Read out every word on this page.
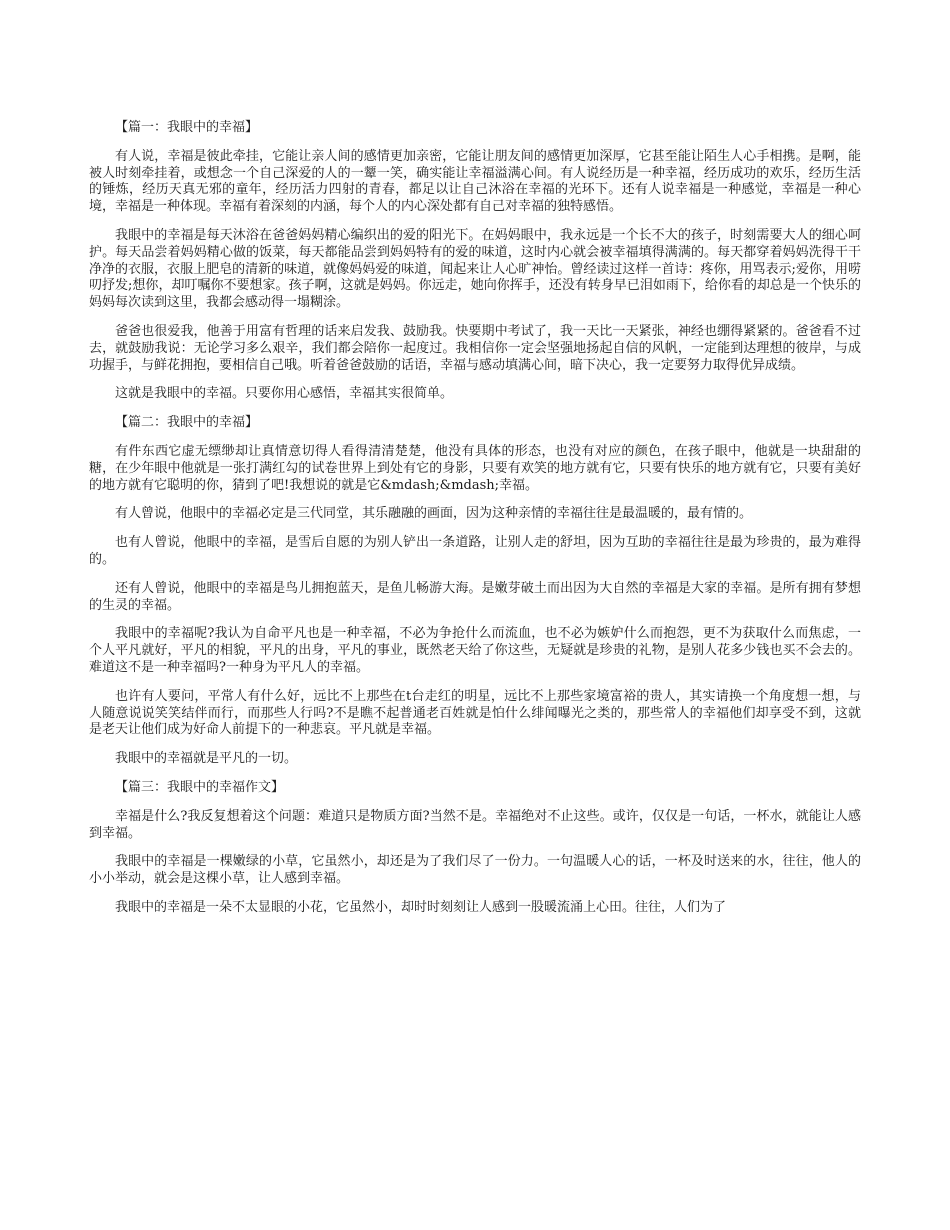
【篇一：我眼中的幸福】

有人说，幸福是彼此牵挂，它能让亲人间的感情更加亲密，它能让朋友间的感情更加深厚，它甚至能让陌生人心手相携。是啊，能被人时刻牵挂着，或想念一个自己深爱的人的一颦一笑，确实能让幸福溢满心间。有人说经历是一种幸福，经历成功的欢乐，经历生活的锤炼，经历天真无邪的童年，经历活力四射的青春，都足以让自己沐浴在幸福的光环下。还有人说幸福是一种感觉，幸福是一种心境，幸福是一种体现。幸福有着深刻的内涵，每个人的内心深处都有自己对幸福的独特感悟。

我眼中的幸福是每天沐浴在爸爸妈妈精心编织出的爱的阳光下。在妈妈眼中，我永远是一个长不大的孩子，时刻需要大人的细心呵护。每天品尝着妈妈精心做的饭菜，每天都能品尝到妈妈特有的爱的味道，这时内心就会被幸福填得满满的。每天都穿着妈妈洗得干干净净的衣服，衣服上肥皂的清新的味道，就像妈妈爱的味道，闻起来让人心旷神怡。曾经读过这样一首诗：疼你，用骂表示;爱你，用唠叨抒发;想你，却叮嘱你不要想家。孩子啊，这就是妈妈。你远走，她向你挥手，还没有转身早已泪如雨下，给你看的却总是一个快乐的妈妈每次读到这里，我都会感动得一塌糊涂。

爸爸也很爱我，他善于用富有哲理的话来启发我、鼓励我。快要期中考试了，我一天比一天紧张，神经也绷得紧紧的。爸爸看不过去，就鼓励我说：无论学习多么艰辛，我们都会陪你一起度过。我相信你一定会坚强地扬起自信的风帆，一定能到达理想的彼岸，与成功握手，与鲜花拥抱，要相信自己哦。听着爸爸鼓励的话语，幸福与感动填满心间，暗下决心，我一定要努力取得优异成绩。

这就是我眼中的幸福。只要你用心感悟，幸福其实很简单。

【篇二：我眼中的幸福】

有件东西它虚无缥缈却让真情意切得人看得清清楚楚，他没有具体的形态，也没有对应的颜色，在孩子眼中，他就是一块甜甜的糖，在少年眼中他就是一张打满红勾的试卷世界上到处有它的身影，只要有欢笑的地方就有它，只要有快乐的地方就有它，只要有美好的地方就有它聪明的你，猜到了吧!我想说的就是它&mdash;&mdash;幸福。

有人曾说，他眼中的幸福必定是三代同堂，其乐融融的画面，因为这种亲情的幸福往往是最温暖的，最有情的。

也有人曾说，他眼中的幸福，是雪后自愿的为别人铲出一条道路，让别人走的舒坦，因为互助的幸福往往是最为珍贵的，最为难得的。

还有人曾说，他眼中的幸福是鸟儿拥抱蓝天，是鱼儿畅游大海。是嫩芽破土而出因为大自然的幸福是大家的幸福。是所有拥有梦想的生灵的幸福。

我眼中的幸福呢?我认为自命平凡也是一种幸福，不必为争抢什么而流血，也不必为嫉妒什么而抱怨，更不为获取什么而焦虑，一个人平凡就好，平凡的相貌，平凡的出身，平凡的事业，既然老天给了你这些，无疑就是珍贵的礼物，是别人花多少钱也买不会去的。难道这不是一种幸福吗?一种身为平凡人的幸福。

也许有人要问，平常人有什么好，远比不上那些在t台走红的明星，远比不上那些家境富裕的贵人，其实请换一个角度想一想，与人随意说说笑笑结伴而行，而那些人行吗?不是瞧不起普通老百姓就是怕什么绯闻曝光之类的，那些常人的幸福他们却享受不到，这就是老天让他们成为好命人前提下的一种悲哀。平凡就是幸福。

我眼中的幸福就是平凡的一切。

【篇三：我眼中的幸福作文】

幸福是什么?我反复想着这个问题：难道只是物质方面?当然不是。幸福绝对不止这些。或许，仅仅是一句话，一杯水，就能让人感到幸福。

我眼中的幸福是一棵嫩绿的小草，它虽然小，却还是为了我们尽了一份力。一句温暖人心的话，一杯及时送来的水，往往，他人的小小举动，就会是这棵小草，让人感到幸福。

我眼中的幸福是一朵不太显眼的小花，它虽然小，却时时刻刻让人感到一股暖流涌上心田。往往，人们为了
